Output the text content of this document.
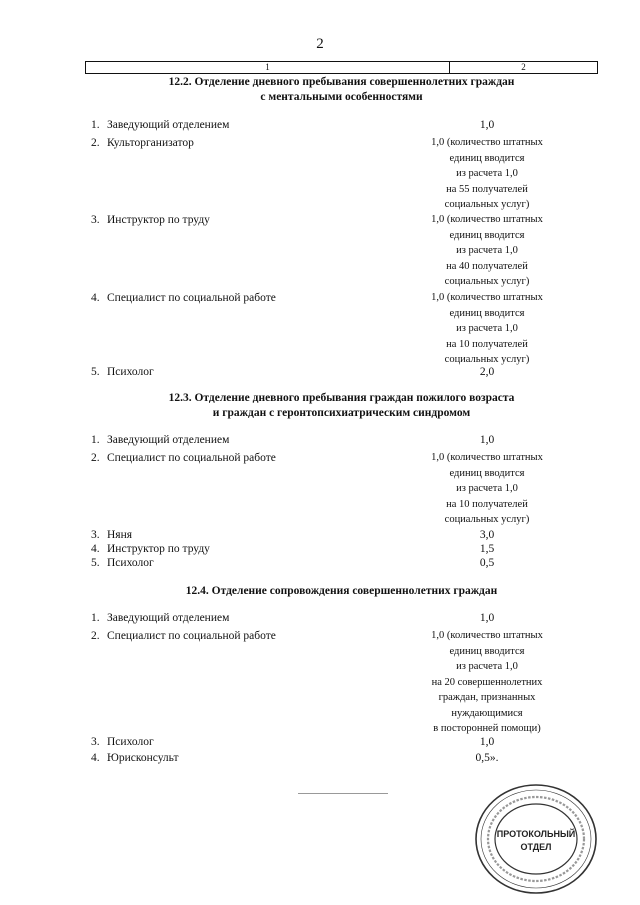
2
1	2
12.2. Отделение дневного пребывания совершеннолетних граждан
с ментальными особенностями
1. Заведующий отделением	1,0
2. Культорганизатор	1,0 (количество штатных
единиц вводится
из расчета 1,0
на 55 получателей
социальных услуг)
3. Инструктор по труду	1,0 (количество штатных
единиц вводится
из расчета 1,0
на 40 получателей
социальных услуг)
4. Специалист по социальной работе	1,0 (количество штатных
единиц вводится
из расчета 1,0
на 10 получателей
социальных услуг)
5. Психолог	2,0
12.3. Отделение дневного пребывания граждан пожилого возраста
и граждан с геронтопсихиатрическим синдромом
1. Заведующий отделением	1,0
2. Специалист по социальной работе	1,0 (количество штатных
единиц вводится
из расчета 1,0
на 10 получателей
социальных услуг)
3. Няня	3,0
4. Инструктор по труду	1,5
5. Психолог	0,5
12.4. Отделение сопровождения совершеннолетних граждан
1. Заведующий отделением	1,0
2. Специалист по социальной работе	1,0 (количество штатных
единиц вводится
из расчета 1,0
на 20 совершеннолетних
граждан, признанных
нуждающимися
в посторонней помощи)
3. Психолог	1,0
4. Юрисконсульт	0,5».
ПРОТОКОЛЬНЫЙ
ОТДЕЛ
